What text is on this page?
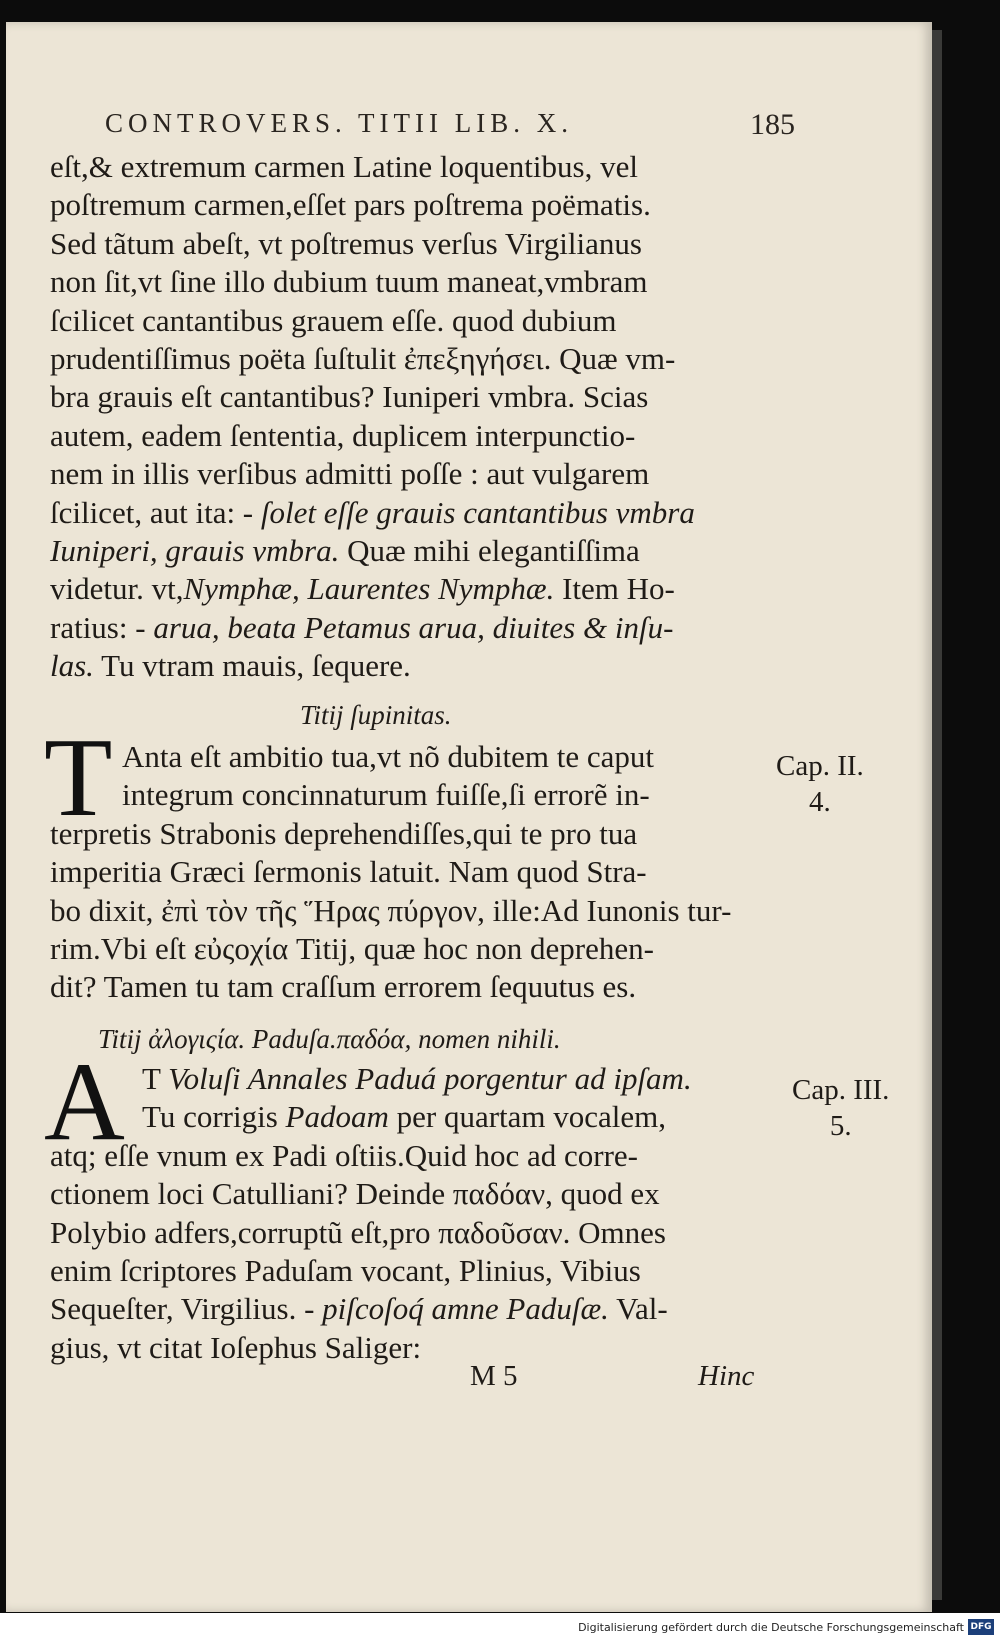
CONTROVERS. TITII LIB. X.	185
eſt,& extremum carmen Latine loquentibus, vel
poſtremum carmen,eſſet pars poſtrema poëmatis.
Sed tãtum abeſt, vt poſtremus verſus Virgilianus
non ſit,vt ſine illo dubium tuum maneat,vmbram
ſcilicet cantantibus grauem eſſe. quod dubium
prudentiſſimus poëta ſuſtulit ἐπεξηγήσει. Quæ vm-
bra grauis eſt cantantibus? Iuniperi vmbra. Scias
autem, eadem ſententia, duplicem interpunctio-
nem in illis verſibus admitti poſſe : aut vulgarem
ſcilicet, aut ita: - ſolet eſſe grauis cantantibus vmbra
Iuniperi, grauis vmbra. Quæ mihi elegantiſſima
videtur. vt,Nymphæ, Laurentes Nymphæ. Item Ho-
ratius: - arua, beata Petamus arua, diuites & inſu-
las. Tu vtram mauis, ſequere.
Titij ſupinitas.
T Anta eſt ambitio tua,vt nõ dubitem te caput
integrum concinnaturum fuiſſe,ſi errorẽ in-
terpretis Strabonis deprehendiſſes,qui te pro tua
imperitia Græci ſermonis latuit. Nam quod Stra-
bo dixit, ἐπὶ τὸν τῆς Ἥρας πύργον, ille:Ad Iunonis tur-
rim.Vbi eſt εὐςοχία Titij, quæ hoc non deprehen-
dit? Tamen tu tam craſſum errorem ſequutus es.
Cap. II.
4.
Titij ἀλογιςία. Paduſa.παδόα, nomen nihili.
A T Voluſi Annales Paduá porgentur ad ipſam.
Tu corrigis Padoam per quartam vocalem,
atq; eſſe vnum ex Padi oſtiis.Quid hoc ad corre-
ctionem loci Catulliani? Deinde παδόαν, quod ex
Polybio adfers,corruptũ eſt,pro παδοῦσαν. Omnes
enim ſcriptores Paduſam vocant, Plinius, Vibius
Sequeſter, Virgilius. - piſcoſoq́ amne Paduſæ. Val-
gius, vt citat Ioſephus Saliger:
Cap. III.
5.
M 5	Hinc
Digitalisierung gefördert durch die Deutsche Forschungsgemeinschaft DFG
